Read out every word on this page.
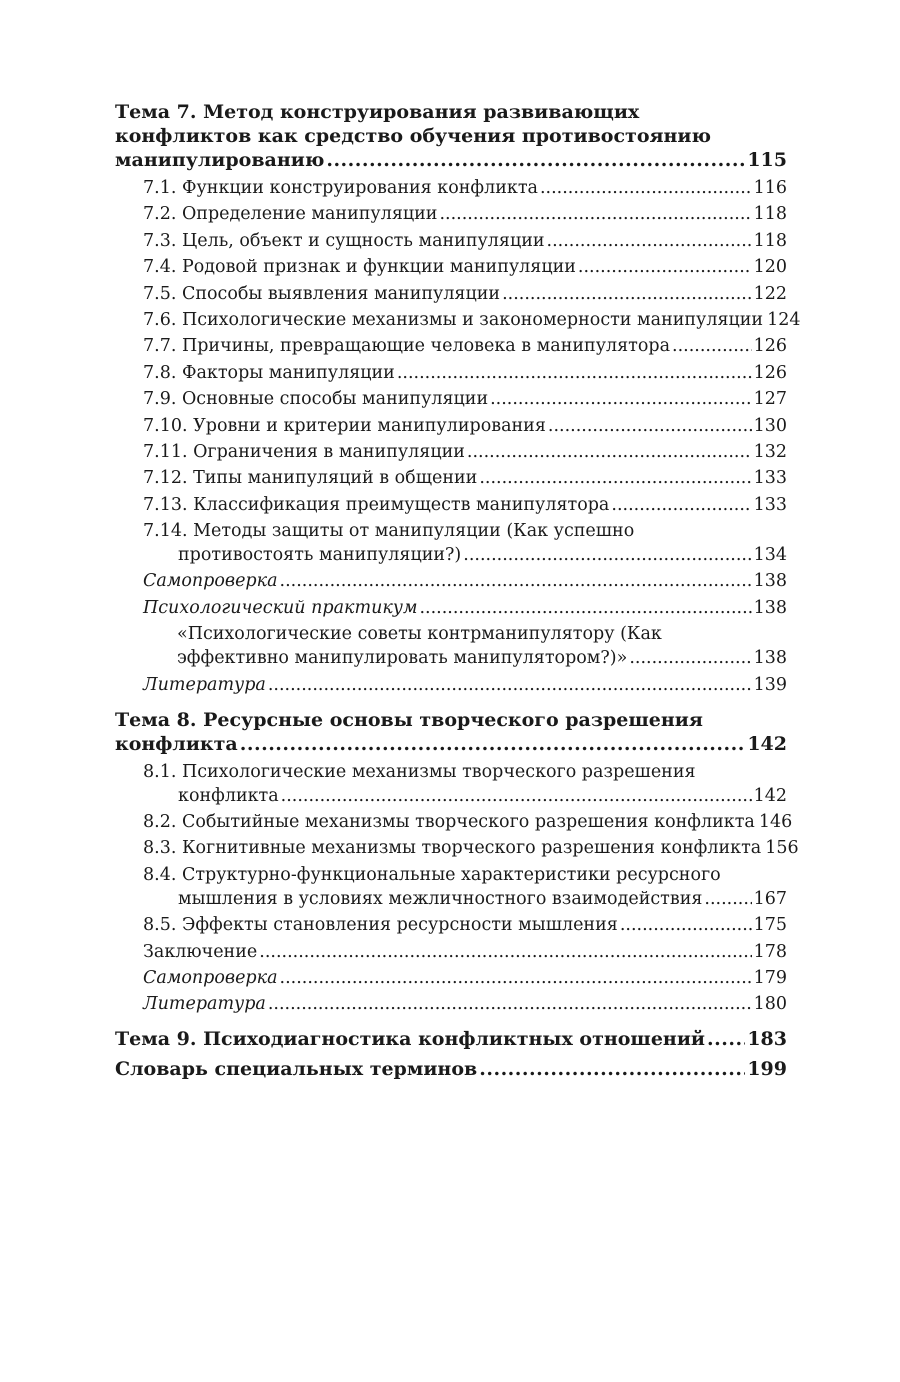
Тема 7. Метод конструирования развивающих
конфликтов как средство обучения противостоянию
манипулированию .....	115
7.1. Функции конструирования конфликта .....	116
7.2. Определение манипуляции .....	118
7.3. Цель, объект и сущность манипуляции .....	118
7.4. Родовой признак и функции манипуляции .....	120
7.5. Способы выявления манипуляции .....	122
7.6. Психологические механизмы и закономерности манипуляции 124
7.7. Причины, превращающие человека в манипулятора .....	126
7.8. Факторы манипуляции .....	126
7.9. Основные способы манипуляции .....	127
7.10. Уровни и критерии манипулирования .....	130
7.11. Ограничения в манипуляции .....	132
7.12. Типы манипуляций в общении .....	133
7.13. Классификация преимуществ манипулятора .....	133
7.14. Методы защиты от манипуляции (Как успешно
противостоять манипуляции?) .....	134
Самопроверка .....	138
Психологический практикум .....	138
«Психологические советы контрманипулятору (Как
эффективно манипулировать манипулятором?)» .....	138
Литература .....	139
Тема 8. Ресурсные основы творческого разрешения
конфликта .....	142
8.1. Психологические механизмы творческого разрешения
конфликта .....	142
8.2. Событийные механизмы творческого разрешения конфликта 146
8.3. Когнитивные механизмы творческого разрешения конфликта 156
8.4. Структурно-функциональные характеристики ресурсного
мышления в условиях межличностного взаимодействия .....	167
8.5. Эффекты становления ресурсности мышления .....	175
Заключение .....	178
Самопроверка .....	179
Литература .....	180
Тема 9. Психодиагностика конфликтных отношений ..... 183
Словарь специальных терминов .....	199
